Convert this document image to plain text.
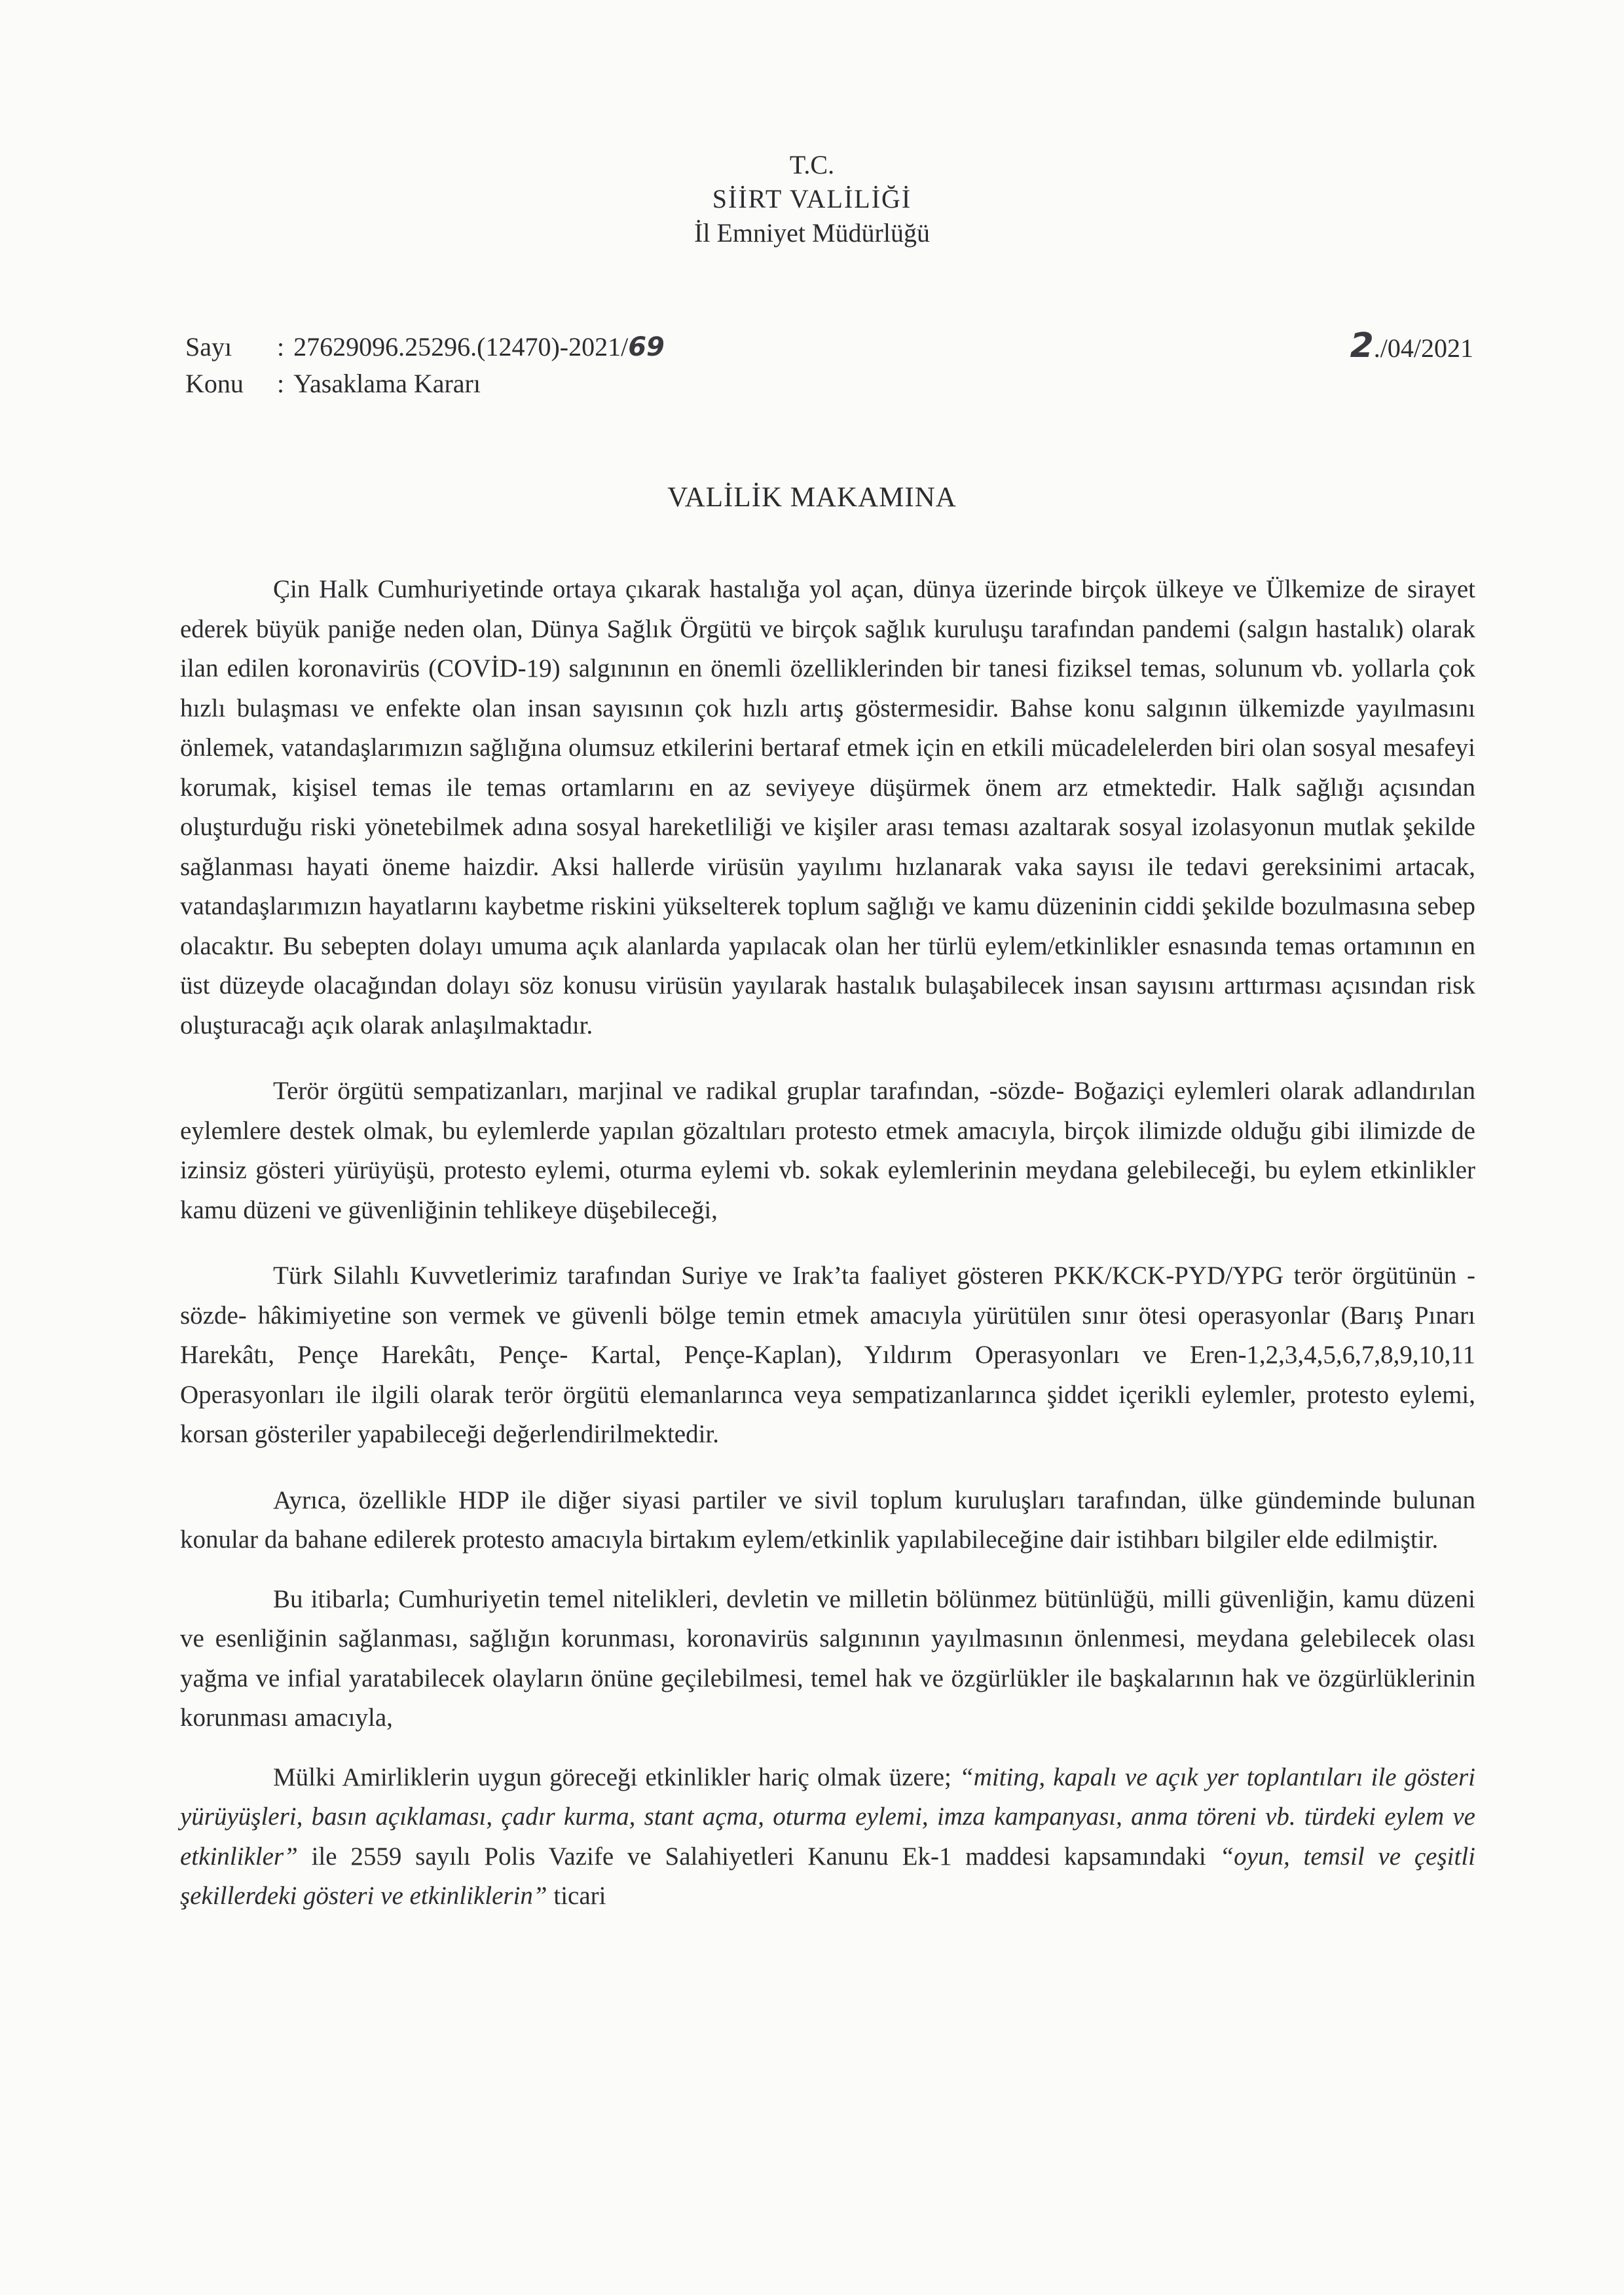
T.C.
SİİRT VALİLİĞİ
İl Emniyet Müdürlüğü
Sayı	: 27629096.25296.(12470)-2021/ 69
Konu	: Yasaklama Kararı
2./04/2021
VALİLİK MAKAMINA

Çin Halk Cumhuriyetinde ortaya çıkarak hastalığa yol açan, dünya üzerinde birçok ülkeye ve Ülkemize de sirayet ederek büyük paniğe neden olan, Dünya Sağlık Örgütü ve birçok sağlık kuruluşu tarafından pandemi (salgın hastalık) olarak ilan edilen koronavirüs (COVİD-19) salgınının en önemli özelliklerinden bir tanesi fiziksel temas, solunum vb. yollarla çok hızlı bulaşması ve enfekte olan insan sayısının çok hızlı artış göstermesidir. Bahse konu salgının ülkemizde yayılmasını önlemek, vatandaşlarımızın sağlığına olumsuz etkilerini bertaraf etmek için en etkili mücadelelerden biri olan sosyal mesafeyi korumak, kişisel temas ile temas ortamlarını en az seviyeye düşürmek önem arz etmektedir. Halk sağlığı açısından oluşturduğu riski yönetebilmek adına sosyal hareketliliği ve kişiler arası teması azaltarak sosyal izolasyonun mutlak şekilde sağlanması hayati öneme haizdir. Aksi hallerde virüsün yayılımı hızlanarak vaka sayısı ile tedavi gereksinimi artacak, vatandaşlarımızın hayatlarını kaybetme riskini yükselterek toplum sağlığı ve kamu düzeninin ciddi şekilde bozulmasına sebep olacaktır. Bu sebepten dolayı umuma açık alanlarda yapılacak olan her türlü eylem/etkinlikler esnasında temas ortamının en üst düzeyde olacağından dolayı söz konusu virüsün yayılarak hastalık bulaşabilecek insan sayısını arttırması açısından risk oluşturacağı açık olarak anlaşılmaktadır.

Terör örgütü sempatizanları, marjinal ve radikal gruplar tarafından, -sözde- Boğaziçi eylemleri olarak adlandırılan eylemlere destek olmak, bu eylemlerde yapılan gözaltıları protesto etmek amacıyla, birçok ilimizde olduğu gibi ilimizde de izinsiz gösteri yürüyüşü, protesto eylemi, oturma eylemi vb. sokak eylemlerinin meydana gelebileceği, bu eylem etkinlikler kamu düzeni ve güvenliğinin tehlikeye düşebileceği,

Türk Silahlı Kuvvetlerimiz tarafından Suriye ve Irak’ta faaliyet gösteren PKK/KCK-PYD/YPG terör örgütünün -sözde- hâkimiyetine son vermek ve güvenli bölge temin etmek amacıyla yürütülen sınır ötesi operasyonlar (Barış Pınarı Harekâtı, Pençe Harekâtı, Pençe- Kartal, Pençe-Kaplan), Yıldırım Operasyonları ve Eren-1,2,3,4,5,6,7,8,9,10,11 Operasyonları ile ilgili olarak terör örgütü elemanlarınca veya sempatizanlarınca şiddet içerikli eylemler, protesto eylemi, korsan gösteriler yapabileceği değerlendirilmektedir.

Ayrıca, özellikle HDP ile diğer siyasi partiler ve sivil toplum kuruluşları tarafından, ülke gündeminde bulunan konular da bahane edilerek protesto amacıyla birtakım eylem/etkinlik yapılabileceğine dair istihbarı bilgiler elde edilmiştir.

Bu itibarla; Cumhuriyetin temel nitelikleri, devletin ve milletin bölünmez bütünlüğü, milli güvenliğin, kamu düzeni ve esenliğinin sağlanması, sağlığın korunması, koronavirüs salgınının yayılmasının önlenmesi, meydana gelebilecek olası yağma ve infial yaratabilecek olayların önüne geçilebilmesi, temel hak ve özgürlükler ile başkalarının hak ve özgürlüklerinin korunması amacıyla,

Mülki Amirliklerin uygun göreceği etkinlikler hariç olmak üzere; “miting, kapalı ve açık yer toplantıları ile gösteri yürüyüşleri, basın açıklaması, çadır kurma, stant açma, oturma eylemi, imza kampanyası, anma töreni vb. türdeki eylem ve etkinlikler” ile 2559 sayılı Polis Vazife ve Salahiyetleri Kanunu Ek-1 maddesi kapsamındaki “oyun, temsil ve çeşitli şekillerdeki gösteri ve etkinliklerin” ticari
